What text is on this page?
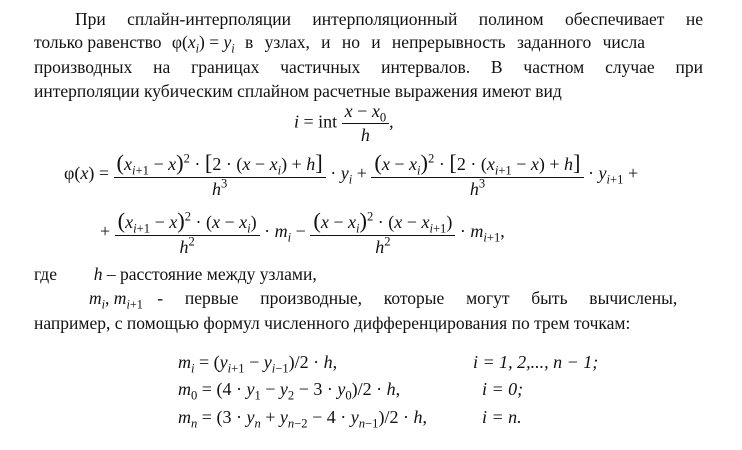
При сплайн-интерполяции интерполяционный полином обеспечивает не
только равенство $\varphi(x_i) = y_i$ в узлах, и но и непрерывность заданного числа
производных на границах частичных интервалов. В частном случае при
интерполяции кубическим сплайном расчетные выражения имеют вид
i = int $\frac{x - x_0}{h}$ ,
$\varphi(x) = \frac{(x_{i+1} - x)^2 \cdot [2 \cdot (x - x_i) + h]}{h^3} \cdot y_i + \frac{(x - x_i)^2 \cdot [2 \cdot (x_{i+1} - x) + h]}{h^3} \cdot y_{i+1}$ +
+ $\frac{(x_{i+1} - x)^2 \cdot (x - x_i)}{h^2} \cdot m_i - \frac{(x - x_i)^2 \cdot (x - x_{i+1})}{h^2} \cdot m_{i+1}$,
где h – расстояние между узлами,
$m_i$, $m_{i+1}$ - первые производные, которые могут быть вычислены,
например, с помощью формул численного дифференцирования по трем точкам:
$m_i = (y_{i+1} - y_{i-1})/2 \cdot h$,	i = 1, 2,..., n − 1;
$m_0 = (4 \cdot y_1 - y_2 - 3 \cdot y_0)/2 \cdot h$,	i = 0;
$m_n = (3 \cdot y_n + y_{n-2} - 4 \cdot y_{n-1})/2 \cdot h$,	i = n.
